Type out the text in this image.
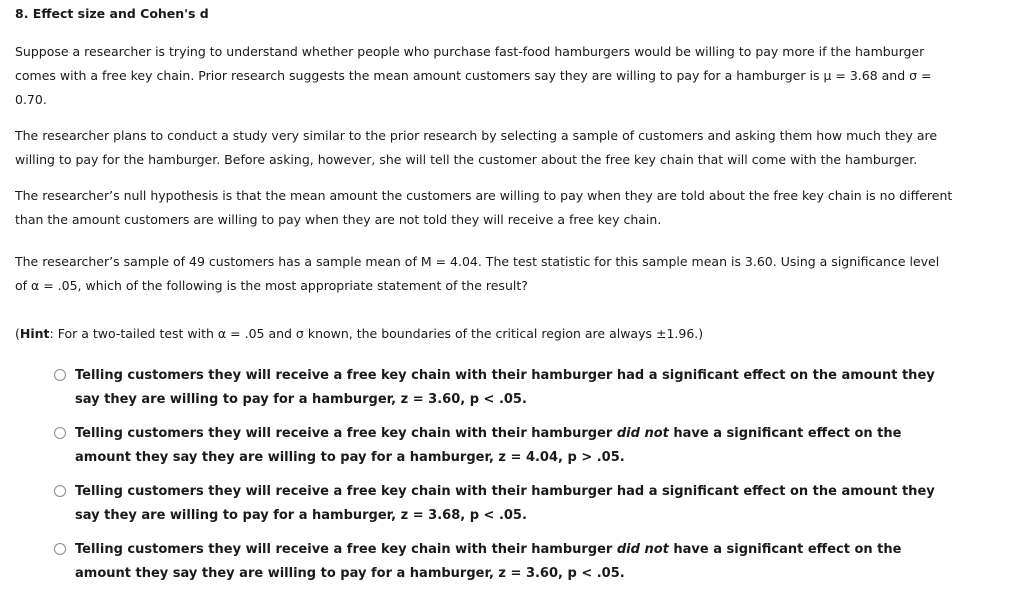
8. Effect size and Cohen's d

Suppose a researcher is trying to understand whether people who purchase fast-food hamburgers would be willing to pay more if the hamburger comes with a free key chain. Prior research suggests the mean amount customers say they are willing to pay for a hamburger is μ = 3.68 and σ = 0.70.

The researcher plans to conduct a study very similar to the prior research by selecting a sample of customers and asking them how much they are willing to pay for the hamburger. Before asking, however, she will tell the customer about the free key chain that will come with the hamburger.

The researcher’s null hypothesis is that the mean amount the customers are willing to pay when they are told about the free key chain is no different than the amount customers are willing to pay when they are not told they will receive a free key chain.

The researcher’s sample of 49 customers has a sample mean of M = 4.04. The test statistic for this sample mean is 3.60. Using a significance level of α = .05, which of the following is the most appropriate statement of the result?

(Hint: For a two-tailed test with α = .05 and σ known, the boundaries of the critical region are always ±1.96.)

Telling customers they will receive a free key chain with their hamburger had a significant effect on the amount they say they are willing to pay for a hamburger, z = 3.60, p < .05.
Telling customers they will receive a free key chain with their hamburger did not have a significant effect on the amount they say they are willing to pay for a hamburger, z = 4.04, p > .05.
Telling customers they will receive a free key chain with their hamburger had a significant effect on the amount they say they are willing to pay for a hamburger, z = 3.68, p < .05.
Telling customers they will receive a free key chain with their hamburger did not have a significant effect on the amount they say they are willing to pay for a hamburger, z = 3.60, p < .05.
